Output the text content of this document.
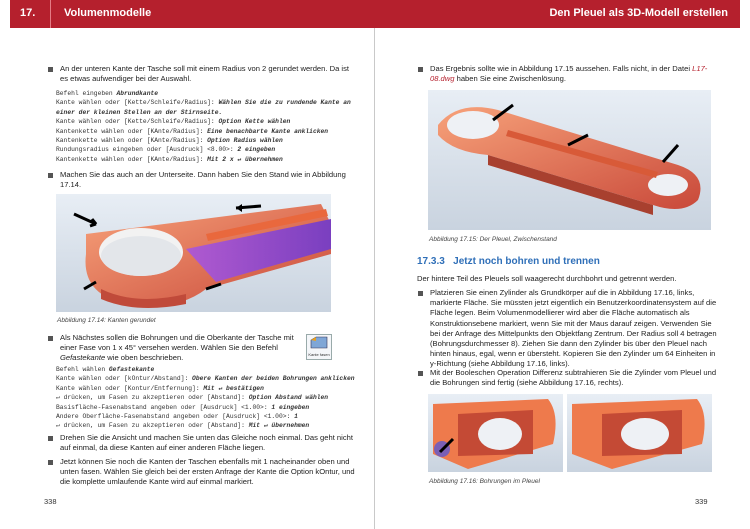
17.	Volumenmodelle
An der unteren Kante der Tasche soll mit einem Radius von 2 gerundet werden. Da ist es etwas aufwendiger bei der Auswahl.
Befehl eingeben Abrundkante
Kante wählen oder [Kette/Schleife/Radius]: Wählen Sie die zu rundende Kante an
einer der kleinen Stellen an der Stirnseite.
Kante wählen oder [Kette/Schleife/Radius]: Option Kette wählen
Kantenkette wählen oder [KAnte/Radius]: Eine benachbarte Kante anklicken
Kantenkette wählen oder [KAnte/Radius]: Option Radius wählen
Rundungsradius eingeben oder [Ausdruck] <8.00>: 2 eingeben
Kantenkette wählen oder [KAnte/Radius]: Mit 2 x ↵ übernehmen
Machen Sie das auch an der Unterseite. Dann haben Sie den Stand wie in Abbildung 17.14.
Abbildung 17.14: Kanten gerundet
Als Nächstes sollen die Bohrungen und die Oberkante der Tasche mit einer Fase von 1 x 45° versehen werden. Wählen Sie den Befehl Gefastekante wie oben beschrieben.	Kante fasen
Befehl wählen Gefastekante
Kante wählen oder [kOntur/Abstand]: Obere Kanten der beiden Bohrungen anklicken
Kante wählen oder [Kontur/Entfernung]: Mit ↵ bestätigen
↵ drücken, um Fasen zu akzeptieren oder [Abstand]: Option Abstand wählen
Basisfläche-Fasenabstand angeben oder [Ausdruck] <1.00>: 1 eingeben
Andere Oberfläche-Fasenabstand angeben oder [Ausdruck] <1.00>: 1
↵ drücken, um Fasen zu akzeptieren oder [Abstand]: Mit ↵ übernehmen
Drehen Sie die Ansicht und machen Sie unten das Gleiche noch einmal. Das geht nicht auf einmal, da diese Kanten auf einer anderen Fläche liegen.
Jetzt können Sie noch die Kanten der Taschen ebenfalls mit 1 nacheinander oben und unten fasen. Wählen Sie gleich bei der ersten Anfrage der Kante die Option kOntur, und die komplette umlaufende Kante wird auf einmal markiert.
338
Den Pleuel als 3D-Modell erstellen
Das Ergebnis sollte wie in Abbildung 17.15 aussehen. Falls nicht, in der Datei L17-08.dwg haben Sie eine Zwischenlösung.
Abbildung 17.15: Der Pleuel, Zwischenstand
17.3.3 Jetzt noch bohren und trennen
Der hintere Teil des Pleuels soll waagerecht durchbohrt und getrennt werden.
Platzieren Sie einen Zylinder als Grundkörper auf die in Abbildung 17.16, links, markierte Fläche. Sie müssten jetzt eigentlich ein Benutzerkoordinatensystem auf die Fläche legen. Beim Volumenmodellierer wird aber die Fläche automatisch als Konstruktionsebene markiert, wenn Sie mit der Maus darauf zeigen. Verwenden Sie bei der Anfrage des Mittelpunkts den Objektfang Zentrum. Der Radius soll 4 betragen (Bohrungsdurchmesser 8). Ziehen Sie dann den Zylinder bis über den Pleuel nach hinten hinaus, egal, wenn er übersteht. Kopieren Sie den Zylinder um 64 Einheiten in y-Richtung (siehe Abbildung 17.16, links).
Mit der Booleschen Operation Differenz subtrahieren Sie die Zylinder vom Pleuel und die Bohrungen sind fertig (siehe Abbildung 17.16, rechts).
Abbildung 17.16: Bohrungen im Pleuel
339
